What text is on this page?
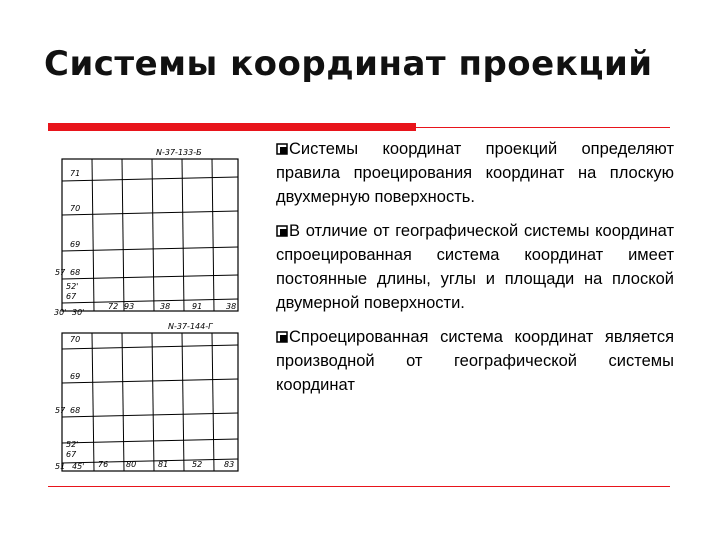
Системы координат проекций
N-37-133-Б
71
70
69
68
52'
67
57
30' 30'
72 93	38	91	38
N-37-144-Г
70
69
68
52'
67
57
51 45' 76 80	81	52	83

Системы координат проекций определяют правила проецирования координат на плоскую двухмерную поверхность.

В отличие от географической системы координат спроецированная система координат имеет постоянные длины, углы и площади на плоской двумерной поверхности.

Спроецированная система координат является производной от географической системы координат
